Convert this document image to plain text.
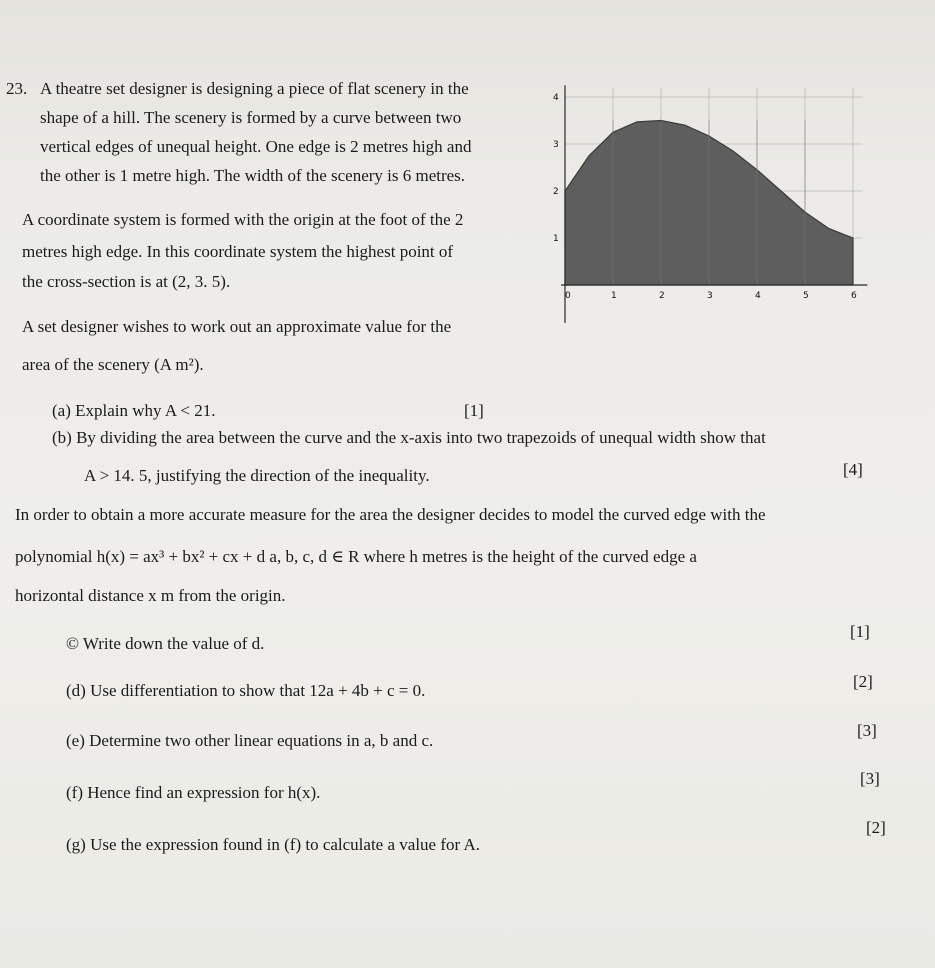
23. A theatre set designer is designing a piece of flat scenery in the
shape of a hill. The scenery is formed by a curve between two
vertical edges of unequal height. One edge is 2 metres high and
the other is 1 metre high. The width of the scenery is 6 metres.
A coordinate system is formed with the origin at the foot of the 2
metres high edge. In this coordinate system the highest point of
the cross-section is at (2, 3. 5).
A set designer wishes to work out an approximate value for the
area of the scenery (A m²).
(a) Explain why A < 21.	[1]
(b) By dividing the area between the curve and the x-axis into two trapezoids of unequal width show that
A > 14. 5, justifying the direction of the inequality.	[4]
In order to obtain a more accurate measure for the area the designer decides to model the curved edge with the
polynomial h(x) = ax³ + bx² + cx + d a, b, c, d ∈ R where h metres is the height of the curved edge a
horizontal distance x m from the origin.
© Write down the value of d.
[1]
(d) Use differentiation to show that 12a + 4b + c = 0.	[2]
(e) Determine two other linear equations in a, b and c.
[3]
(f) Hence find an expression for h(x).
[3]
(g) Use the expression found in (f) to calculate a value for A.
[2]
0	1	2	3	4	5	6
1
2
3
4
